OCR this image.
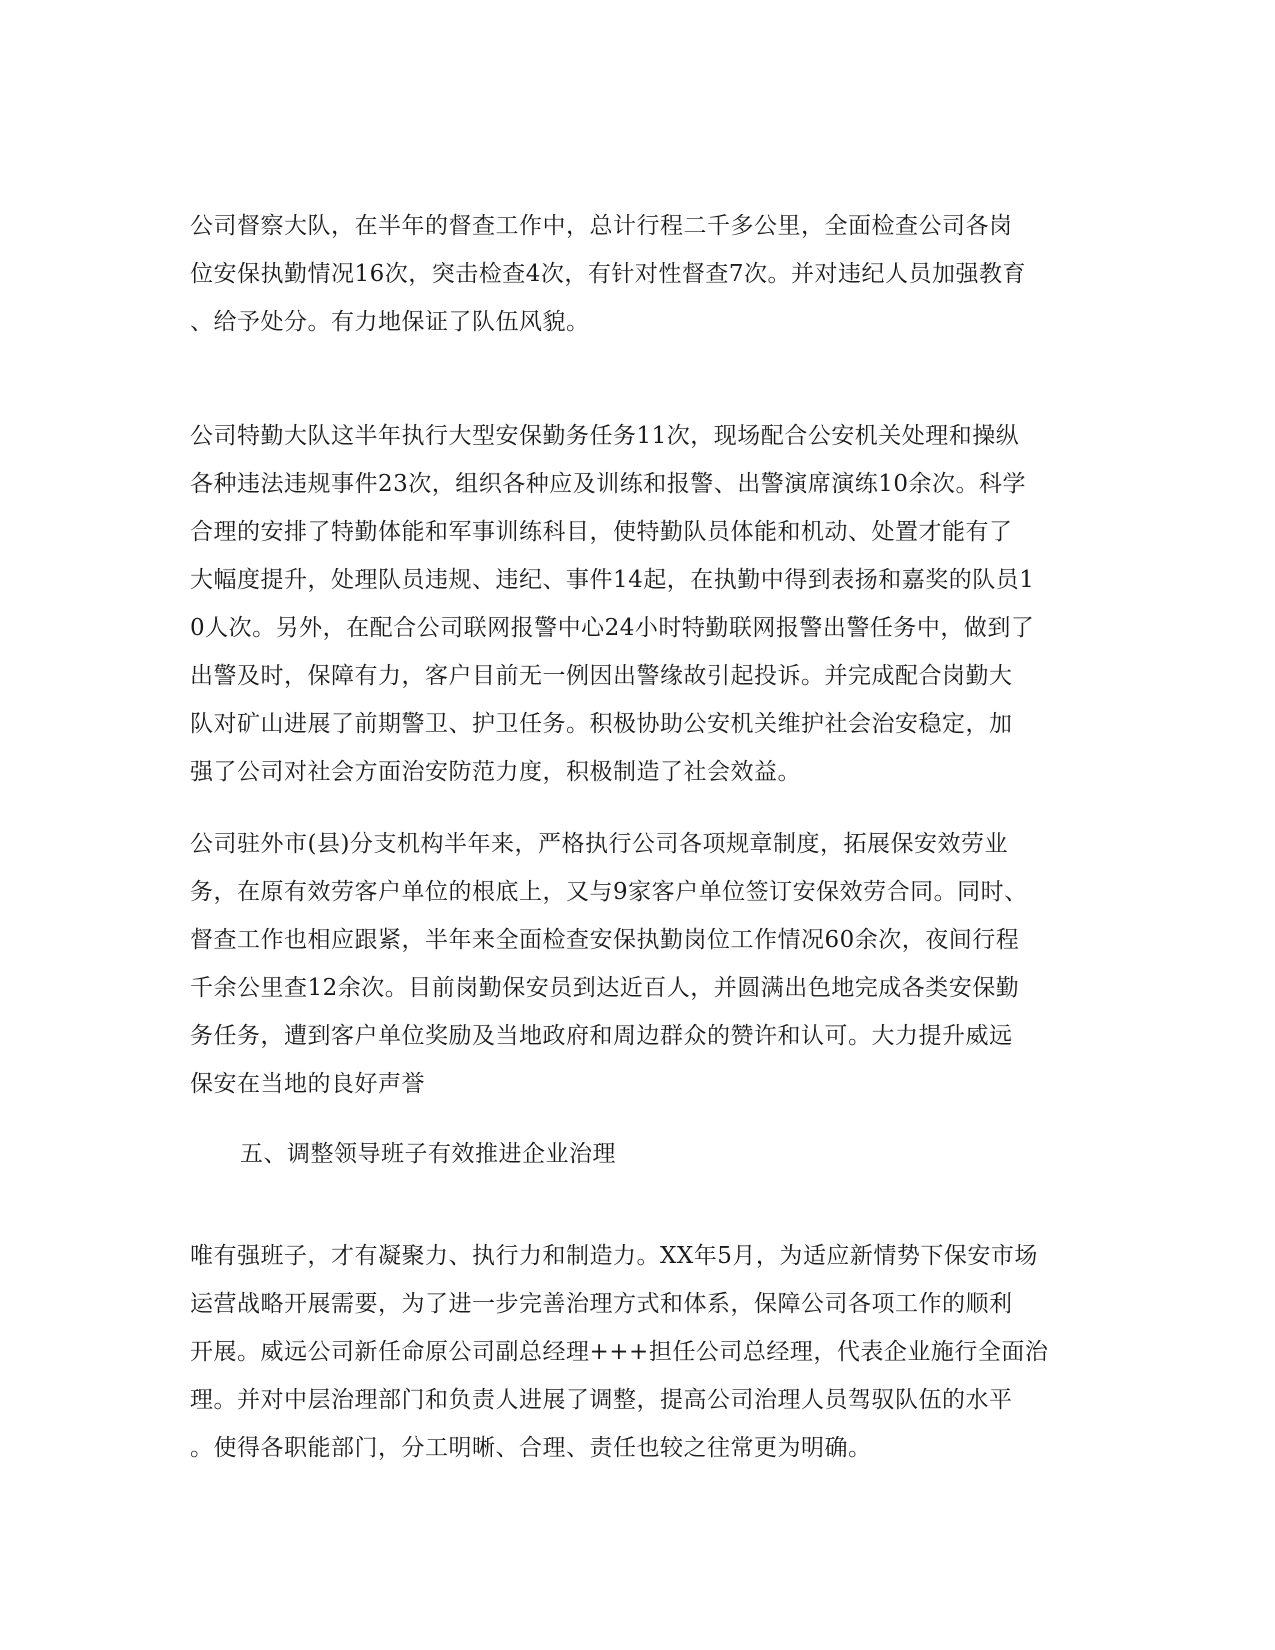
公司督察大队，在半年的督查工作中，总计行程二千多公里，全面检查公司各岗
位安保执勤情况16次，突击检查4次，有针对性督查7次。并对违纪人员加强教育
、给予处分。有力地保证了队伍风貌。

公司特勤大队这半年执行大型安保勤务任务11次，现场配合公安机关处理和操纵
各种违法违规事件23次，组织各种应及训练和报警、出警演席演练10余次。科学
合理的安排了特勤体能和军事训练科目，使特勤队员体能和机动、处置才能有了
大幅度提升，处理队员违规、违纪、事件14起，在执勤中得到表扬和嘉奖的队员1
0人次。另外，在配合公司联网报警中心24小时特勤联网报警出警任务中，做到了
出警及时，保障有力，客户目前无一例因出警缘故引起投诉。并完成配合岗勤大
队对矿山进展了前期警卫、护卫任务。积极协助公安机关维护社会治安稳定，加
强了公司对社会方面治安防范力度，积极制造了社会效益。

公司驻外市(县)分支机构半年来，严格执行公司各项规章制度，拓展保安效劳业
务，在原有效劳客户单位的根底上，又与9家客户单位签订安保效劳合同。同时、
督查工作也相应跟紧，半年来全面检查安保执勤岗位工作情况60余次，夜间行程
千余公里查12余次。目前岗勤保安员到达近百人，并圆满出色地完成各类安保勤
务任务，遭到客户单位奖励及当地政府和周边群众的赞许和认可。大力提升威远
保安在当地的良好声誉

五、调整领导班子有效推进企业治理

唯有强班子，才有凝聚力、执行力和制造力。XX年5月，为适应新情势下保安市场
运营战略开展需要，为了进一步完善治理方式和体系，保障公司各项工作的顺利
开展。威远公司新任命原公司副总经理+++担任公司总经理，代表企业施行全面治
理。并对中层治理部门和负责人进展了调整，提高公司治理人员驾驭队伍的水平
。使得各职能部门，分工明晰、合理、责任也较之往常更为明确。
